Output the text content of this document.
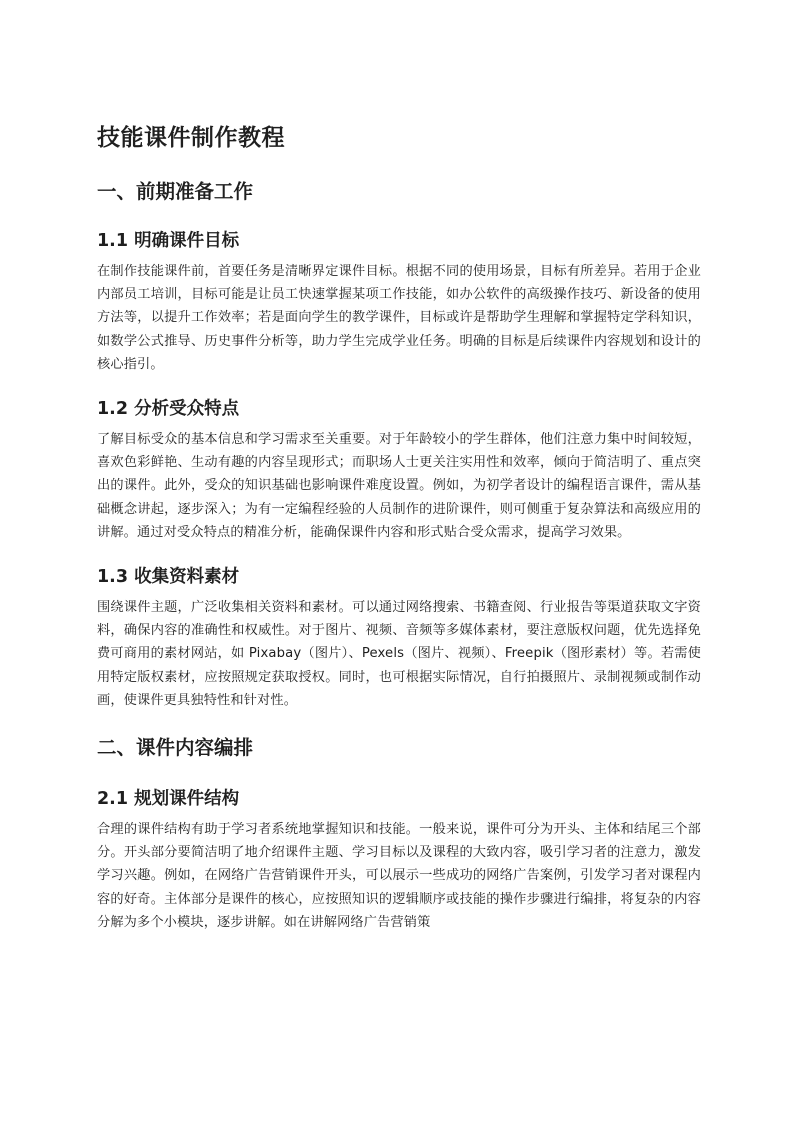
技能课件制作教程
一、前期准备工作
1.1 明确课件目标

在制作技能课件前，首要任务是清晰界定课件目标。根据不同的使用场景，目标有所差异。若用于企业内部员工培训，目标可能是让员工快速掌握某项工作技能，如办公软件的高级操作技巧、新设备的使用方法等，以提升工作效率；若是面向学生的教学课件，目标或许是帮助学生理解和掌握特定学科知识，如数学公式推导、历史事件分析等，助力学生完成学业任务。明确的目标是后续课件内容规划和设计的核心指引。

1.2 分析受众特点

了解目标受众的基本信息和学习需求至关重要。对于年龄较小的学生群体，他们注意力集中时间较短，喜欢色彩鲜艳、生动有趣的内容呈现形式；而职场人士更关注实用性和效率，倾向于简洁明了、重点突出的课件。此外，受众的知识基础也影响课件难度设置。例如，为初学者设计的编程语言课件，需从基础概念讲起，逐步深入；为有一定编程经验的人员制作的进阶课件，则可侧重于复杂算法和高级应用的讲解。通过对受众特点的精准分析，能确保课件内容和形式贴合受众需求，提高学习效果。

1.3 收集资料素材

围绕课件主题，广泛收集相关资料和素材。可以通过网络搜索、书籍查阅、行业报告等渠道获取文字资料，确保内容的准确性和权威性。对于图片、视频、音频等多媒体素材，要注意版权问题，优先选择免费可商用的素材网站，如 Pixabay（图片）、Pexels（图片、视频）、Freepik（图形素材）等。若需使用特定版权素材，应按照规定获取授权。同时，也可根据实际情况，自行拍摄照片、录制视频或制作动画，使课件更具独特性和针对性。

二、课件内容编排
2.1 规划课件结构

合理的课件结构有助于学习者系统地掌握知识和技能。一般来说，课件可分为开头、主体和结尾三个部分。开头部分要简洁明了地介绍课件主题、学习目标以及课程的大致内容，吸引学习者的注意力，激发学习兴趣。例如，在网络广告营销课件开头，可以展示一些成功的网络广告案例，引发学习者对课程内容的好奇。主体部分是课件的核心，应按照知识的逻辑顺序或技能的操作步骤进行编排，将复杂的内容分解为多个小模块，逐步讲解。如在讲解网络广告营销策
